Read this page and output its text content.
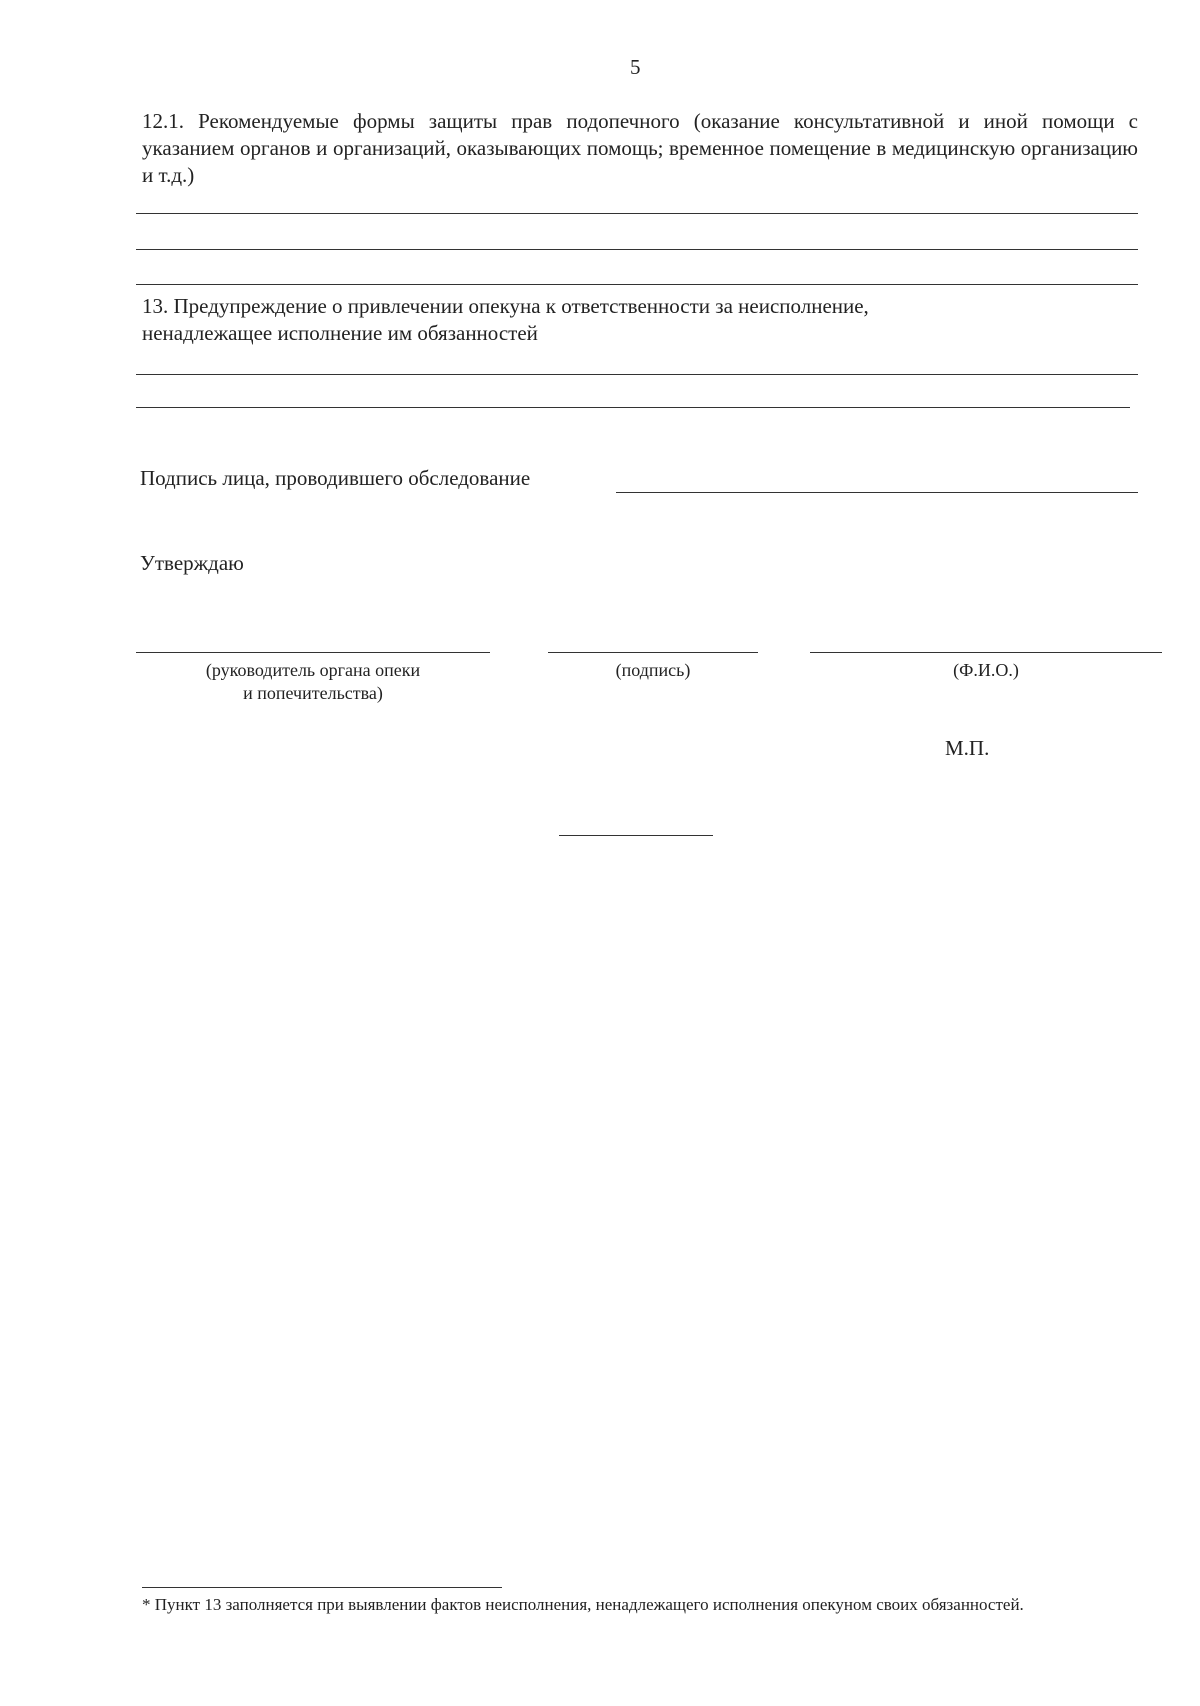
5
12.1. Рекомендуемые формы защиты прав подопечного (оказание консультативной и иной помощи с указанием органов и организаций, оказывающих помощь; временное помещение в медицинскую организацию и т.д.)
13. Предупреждение о привлечении опекуна к ответственности за неисполнение,
ненадлежащее исполнение им обязанностей
Подпись лица, проводившего обследование
Утверждаю
(руководитель органа опеки
и попечительства)
(подпись)	(Ф.И.О.)
М.П.
* Пункт 13 заполняется при выявлении фактов неисполнения, ненадлежащего исполнения опекуном своих обязанностей.
